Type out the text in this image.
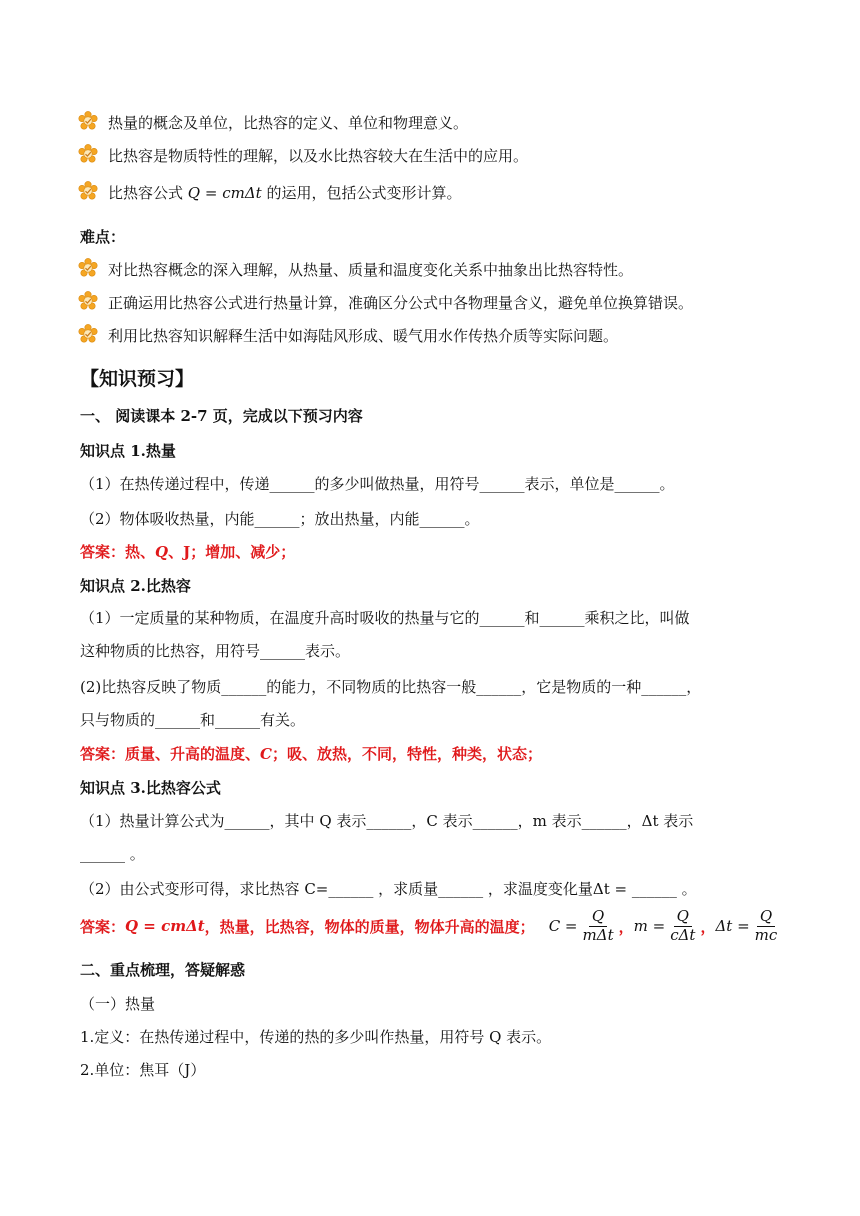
热量的概念及单位，比热容的定义、单位和物理意义。
比热容是物质特性的理解，以及水比热容较大在生活中的应用。
比热容公式 Q = cmΔt 的运用，包括公式变形计算。
难点：
对比热容概念的深入理解，从热量、质量和温度变化关系中抽象出比热容特性。
正确运用比热容公式进行热量计算，准确区分公式中各物理量含义，避免单位换算错误。
利用比热容知识解释生活中如海陆风形成、暖气用水作传热介质等实际问题。
【知识预习】
一、 阅读课本 2-7 页，完成以下预习内容
知识点 1.热量
（1）在热传递过程中，传递______的多少叫做热量，用符号______表示，单位是______。
（2）物体吸收热量，内能______；放出热量，内能______。
答案：热、Q、J；增加、减少；
知识点 2.比热容
（1）一定质量的某种物质，在温度升高时吸收的热量与它的______和______乘积之比，叫做
这种物质的比热容，用符号______表示。
(2)比热容反映了物质______的能力，不同物质的比热容一般______，它是物质的一种______，
只与物质的______和______有关。
答案：质量、升高的温度、C；吸、放热，不同，特性，种类，状态；
知识点 3.比热容公式
（1）热量计算公式为______，其中 Q 表示______，C 表示______，m 表示______，Δt 表示
______ 。
（2）由公式变形可得，求比热容 C=______ ，求质量______ ，求温度变化量Δt = ______ 。
答案： Q = cmΔt ，热量，比热容，物体的质量，物体升高的温度； $C = \frac{Q}{\text{mΔt}}$ ， $m = \frac{Q}{\text{cΔt}}$ ， $\Delta t = \frac{Q}{mc}$
二、重点梳理，答疑解惑
（一）热量
1.定义：在热传递过程中，传递的热的多少叫作热量，用符号 Q 表示。
2.单位：焦耳（J）
